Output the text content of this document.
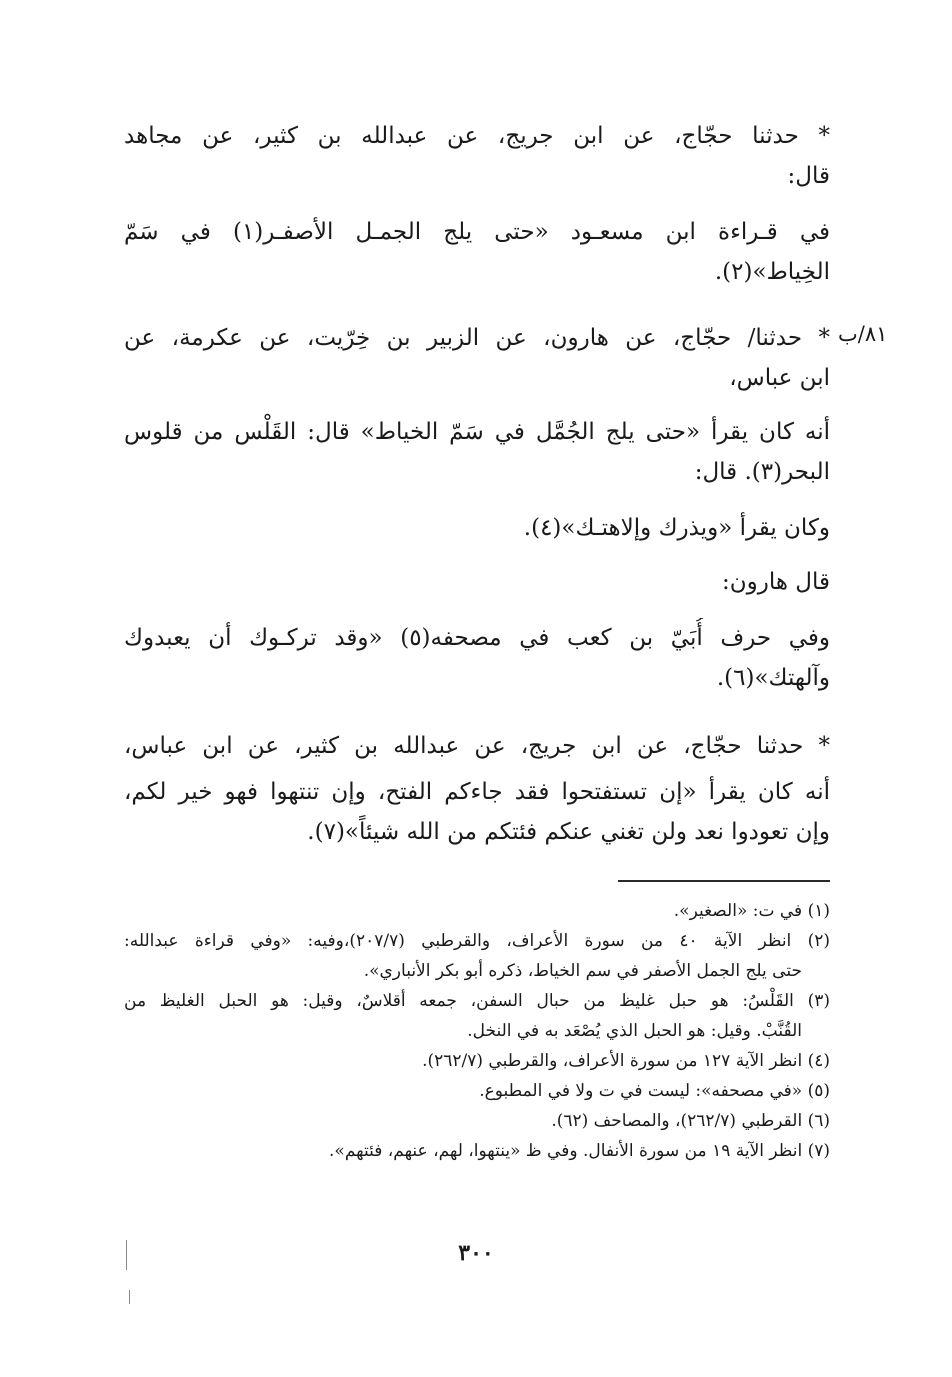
٨١/ب
* حدثنا حجّاج، عن ابن جريج، عن عبدالله بن كثير، عن مجاهد
قال:
في قـراءة ابن مسعـود «حتى يلج الجمـل الأصفـر(١) في سَمّ
الخِياط»(٢).
* حدثنا/ حجّاج، عن هارون، عن الزبير بن خِرّيت، عن عكرمة، عن
ابن عباس،
أنه كان يقرأ «حتى يلج الجُمَّل في سَمّ الخياط» قال: القَلْس من قلوس
البحر(٣). قال:
وكان يقرأ «ويذرك وإلاهتـك»(٤).
قال هارون:
وفي حرف أُبَيّ بن كعب في مصحفه(٥) «وقد تركـوك أن يعبدوك
وآلهتك»(٦).
* حدثنا حجّاج، عن ابن جريج، عن عبدالله بن كثير، عن ابن عباس،
أنه كان يقرأ «إن تستفتحوا فقد جاءكم الفتح، وإن تنتهوا فهو خير لكم،
وإن تعودوا نعد ولن تغني عنكم فئتكم من الله شيئاً»(٧).
(١) في ت: «الصغير».
(٢) انظر الآية ٤٠ من سورة الأعراف، والقرطبي (٢٠٧/٧)،وفيه: «وفي قراءة عبدالله:
حتى يلج الجمل الأصفر في سم الخياط، ذكره أبو بكر الأنباري».
(٣) القَلْسُ: هو حبل غليظ من حبال السفن، جمعه أقلاسٌ، وقيل: هو الحبل الغليظ من
القُنَّبْ. وقيل: هو الحبل الذي يُصْعَد به في النخل.
(٤) انظر الآية ١٢٧ من سورة الأعراف، والقرطبي (٢٦٢/٧).
(٥) «في مصحفه»: ليست في ت ولا في المطبوع.
(٦) القرطبي (٢٦٢/٧)، والمصاحف (٦٢).
(٧) انظر الآية ١٩ من سورة الأنفال. وفي ظ «ينتهوا، لهم، عنهم، فئتهم».
٣٠٠
